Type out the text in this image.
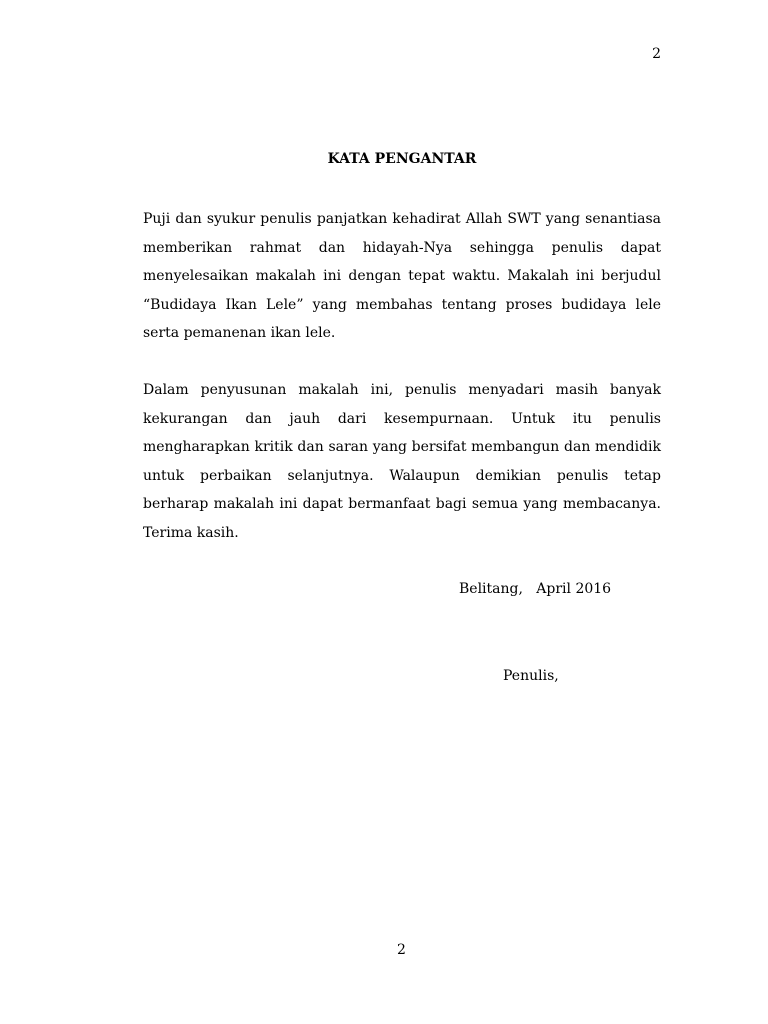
2
KATA PENGANTAR

Puji dan syukur penulis panjatkan kehadirat Allah SWT yang senantiasa memberikan rahmat dan hidayah-Nya sehingga penulis dapat menyelesaikan makalah ini dengan tepat waktu. Makalah ini berjudul “Budidaya Ikan Lele” yang membahas tentang proses budidaya lele serta pemanenan ikan lele.

Dalam penyusunan makalah ini, penulis menyadari masih banyak kekurangan dan jauh dari kesempurnaan. Untuk itu penulis mengharapkan kritik dan saran yang bersifat membangun dan mendidik untuk perbaikan selanjutnya. Walaupun demikian penulis tetap berharap makalah ini dapat bermanfaat bagi semua yang membacanya. Terima kasih.

Belitang,   April 2016
Penulis,
2
